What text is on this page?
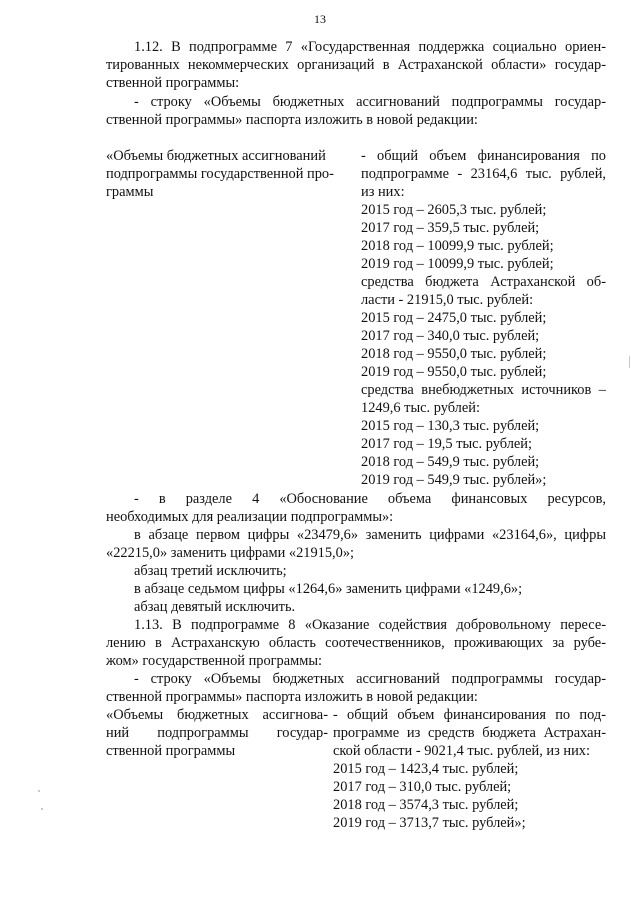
13
1.12. В подпрограмме 7 «Государственная поддержка социально ориен-
тированных некоммерческих организаций в Астраханской области» государ-
ственной программы:
- строку «Объемы бюджетных ассигнований подпрограммы государ-
ственной программы» паспорта изложить в новой редакции:
«Объемы бюджетных ассигнований
подпрограммы государственной про-
граммы
- общий объем финансирования по
подпрограмме - 23164,6 тыс. рублей,
из них:
2015 год – 2605,3 тыс. рублей;
2017 год – 359,5 тыс. рублей;
2018 год – 10099,9 тыс. рублей;
2019 год – 10099,9 тыс. рублей;
средства бюджета Астраханской об-
ласти - 21915,0 тыс. рублей:
2015 год – 2475,0 тыс. рублей;
2017 год – 340,0 тыс. рублей;
2018 год – 9550,0 тыс. рублей;
2019 год – 9550,0 тыс. рублей;
средства внебюджетных источников –
1249,6 тыс. рублей:
2015 год – 130,3 тыс. рублей;
2017 год – 19,5 тыс. рублей;
2018 год – 549,9 тыс. рублей;
2019 год – 549,9 тыс. рублей»;
- в разделе 4 «Обоснование объема финансовых ресурсов,
необходимых для реализации подпрограммы»:
в абзаце первом цифры «23479,6» заменить цифрами «23164,6», цифры
«22215,0» заменить цифрами «21915,0»;
абзац третий исключить;
в абзаце седьмом цифры «1264,6» заменить цифрами «1249,6»;
абзац девятый исключить.
1.13. В подпрограмме 8 «Оказание содействия добровольному пересе-
лению в Астраханскую область соотечественников, проживающих за рубе-
жом» государственной программы:
- строку «Объемы бюджетных ассигнований подпрограммы государ-
ственной программы» паспорта изложить в новой редакции:
«Объемы бюджетных ассигнова-
ний подпрограммы государ-
ственной программы
- общий объем финансирования по под-
программе из средств бюджета Астрахан-
ской области - 9021,4 тыс. рублей, из них:
2015 год – 1423,4 тыс. рублей;
2017 год – 310,0 тыс. рублей;
2018 год – 3574,3 тыс. рублей;
2019 год – 3713,7 тыс. рублей»;
